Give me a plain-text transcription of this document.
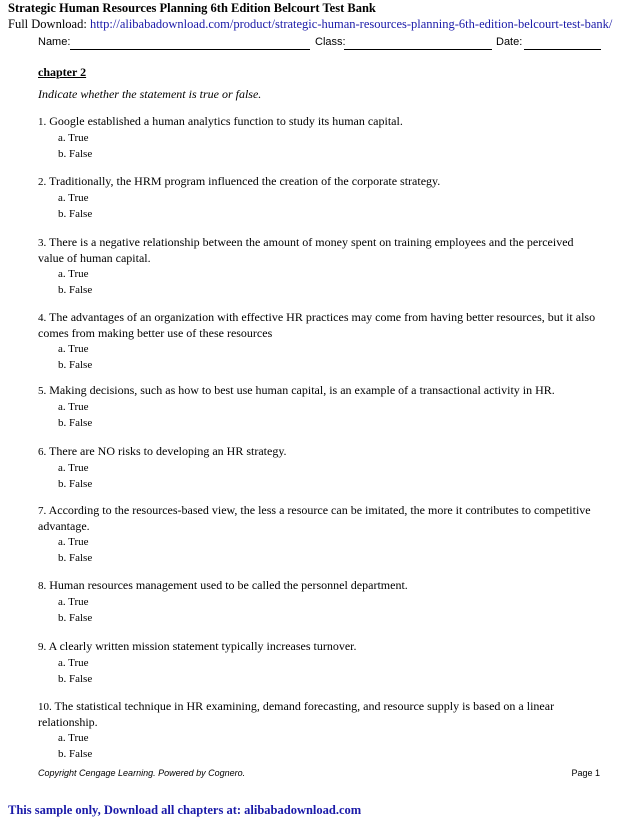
Strategic Human Resources Planning 6th Edition Belcourt Test Bank
Full Download: http://alibabadownload.com/product/strategic-human-resources-planning-6th-edition-belcourt-test-bank/
Name:	Class:	Date:
chapter 2
Indicate whether the statement is true or false.
1. Google established a human analytics function to study its human capital.
a. True
b. False
2. Traditionally, the HRM program influenced the creation of the corporate strategy.
a. True
b. False
3. There is a negative relationship between the amount of money spent on training employees and the perceived value of human capital.
a. True
b. False
4. The advantages of an organization with effective HR practices may come from having better resources, but it also comes from making better use of these resources
a. True
b. False
5. Making decisions, such as how to best use human capital, is an example of a transactional activity in HR.
a. True
b. False
6. There are NO risks to developing an HR strategy.
a. True
b. False
7. According to the resources-based view, the less a resource can be imitated, the more it contributes to competitive advantage.
a. True
b. False
8. Human resources management used to be called the personnel department.
a. True
b. False
9. A clearly written mission statement typically increases turnover.
a. True
b. False
10. The statistical technique in HR examining, demand forecasting, and resource supply is based on a linear relationship.
a. True
b. False
Copyright Cengage Learning. Powered by Cognero.	Page 1
This sample only, Download all chapters at: alibabadownload.com
